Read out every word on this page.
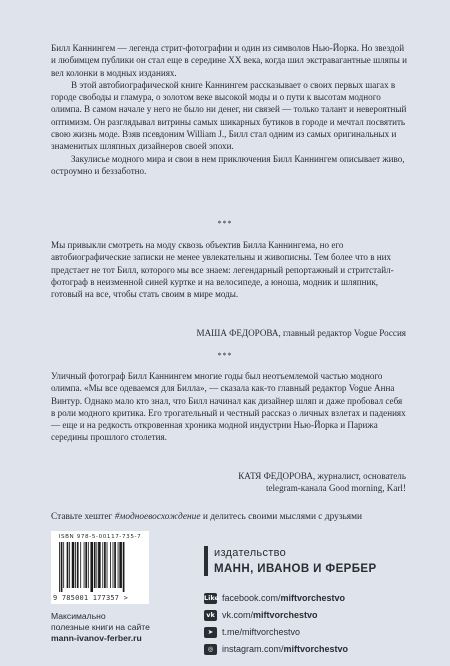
Билл Каннингем — легенда стрит-фотографии и один из символов Нью-Йорка. Но звездой и любимцем публики он стал еще в середине XX века, когда шил экстравагантные шляпы и вел колонки в модных изданиях.

В этой автобиографической книге Каннингем рассказывает о своих первых шагах в городе свободы и гламура, о золотом веке высокой моды и о пути к высотам модного олимпа. В самом начале у него не было ни денег, ни связей — только талант и невероятный оптимизм. Он разглядывал витрины самых шикарных бутиков в городе и мечтал посвятить свою жизнь моде. Взяв псевдоним William J., Билл стал одним из самых оригинальных и знаменитых шляпных дизайнеров своей эпохи.

Закулисье модного мира и свои в нем приключения Билл Каннингем описывает живо, остроумно и беззаботно.

***

Мы привыкли смотреть на моду сквозь объектив Билла Каннингема, но его автобиографические записки не менее увлекательны и живописны. Тем более что в них предстает не тот Билл, которого мы все знаем: легендарный репортажный и стритстайл-фотограф в неизменной синей куртке и на велосипеде, а юноша, модник и шляпник, готовый на все, чтобы стать своим в мире моды.

МАША ФЕДОРОВА, главный редактор Vogue Россия
***

Уличный фотограф Билл Каннингем многие годы был неотъемлемой частью модного олимпа. «Мы все одеваемся для Билла», — сказала как-то главный редактор Vogue Анна Винтур. Однако мало кто знал, что Билл начинал как дизайнер шляп и даже пробовал себя в роли модного критика. Его трогательный и честный рассказ о личных взлетах и падениях — еще и на редкость откровенная хроника модной индустрии Нью-Йорка и Парижа середины прошлого столетия.

КАТЯ ФЕДОРОВА, журналист, основатель
telegram-канала Good morning, Karl!
Ставьте хештег #модноевосхождение и делитесь своими мыслями с друзьями
ISBN 978-5-00117-735-7
9 785001 177357 >
Максимально
полезные книги на сайте
mann-ivanov-ferber.ru
издательство
МАНН, ИВАНОВ И ФЕРБЕР
Like facebook.com/miftvorchestvo
vk vk.com/miftvorchestvo
➤ t.me/miftvorchestvo
◎ instagram.com/miftvorchestvo
